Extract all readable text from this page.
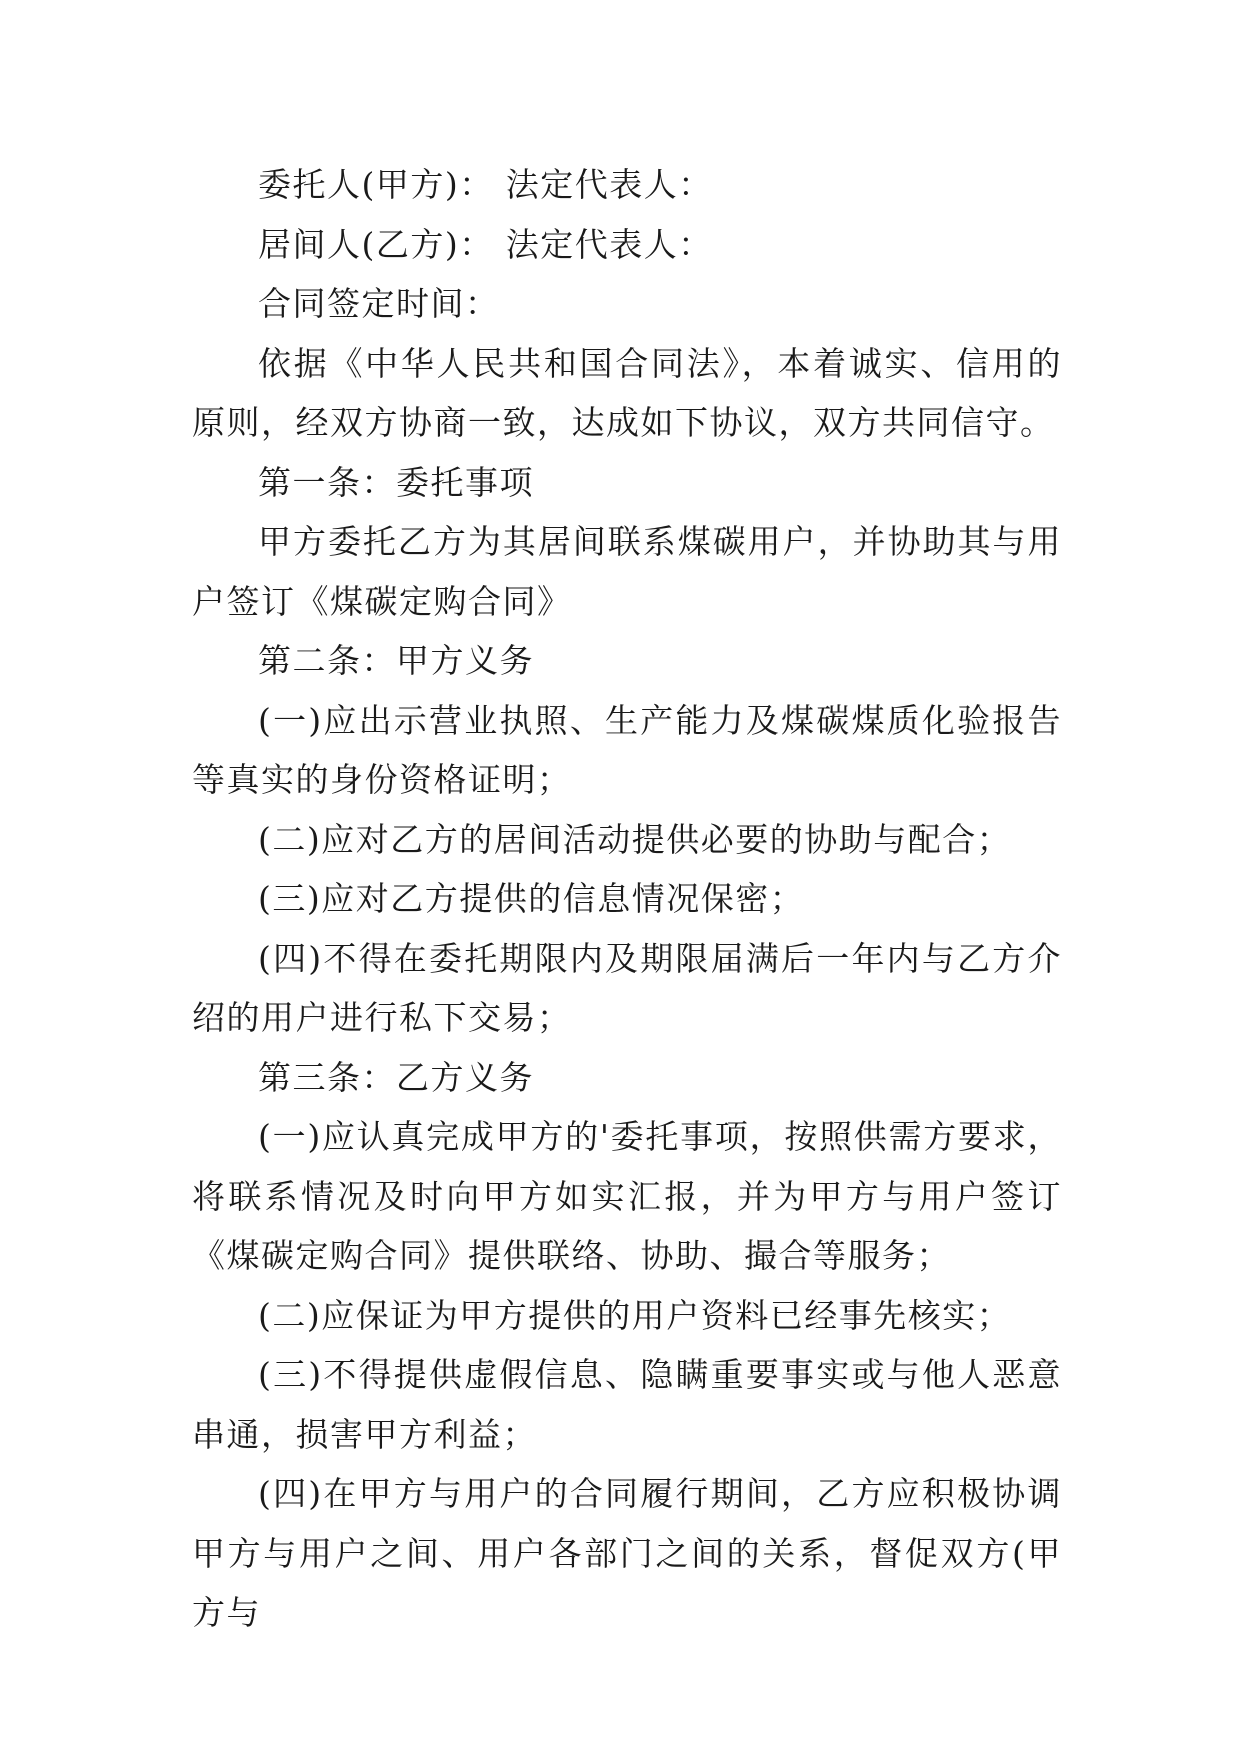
委托人(甲方)： 法定代表人：

居间人(乙方)： 法定代表人：

合同签定时间：

依据《中华人民共和国合同法》，本着诚实、信用的原则，经双方协商一致，达成如下协议，双方共同信守。

第一条：委托事项

甲方委托乙方为其居间联系煤碳用户，并协助其与用户签订《煤碳定购合同》

第二条：甲方义务

(一)应出示营业执照、生产能力及煤碳煤质化验报告等真实的身份资格证明；

(二)应对乙方的居间活动提供必要的协助与配合；

(三)应对乙方提供的信息情况保密；

(四)不得在委托期限内及期限届满后一年内与乙方介绍的用户进行私下交易；

第三条：乙方义务

(一)应认真完成甲方的'委托事项，按照供需方要求，将联系情况及时向甲方如实汇报，并为甲方与用户签订《煤碳定购合同》提供联络、协助、撮合等服务；

(二)应保证为甲方提供的用户资料已经事先核实；

(三)不得提供虚假信息、隐瞒重要事实或与他人恶意串通，损害甲方利益；

(四)在甲方与用户的合同履行期间，乙方应积极协调甲方与用户之间、用户各部门之间的关系，督促双方(甲方与
